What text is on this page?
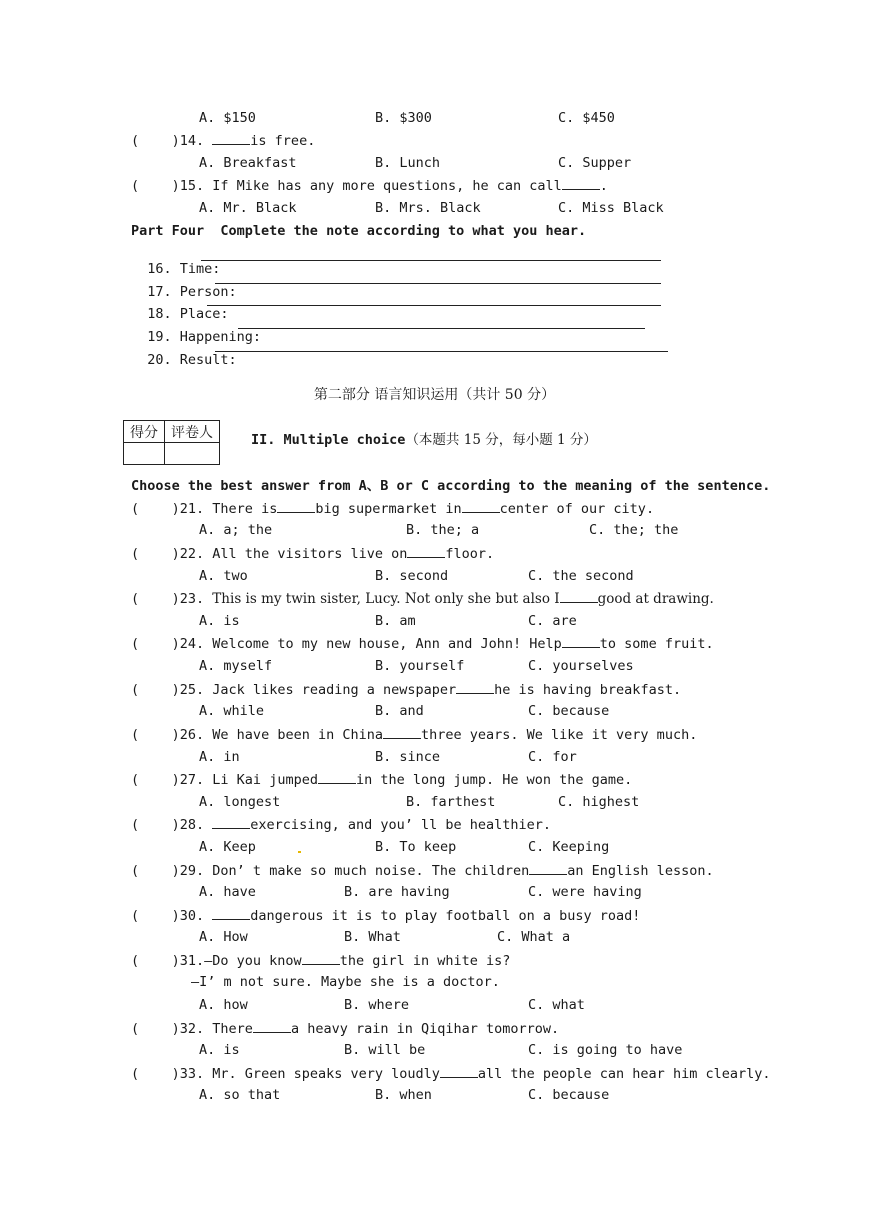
A. $150	B. $300	C. $450
(    )14.	is free.
A. Breakfast	B. Lunch	C. Supper
(    )15. If Mike has any more questions, he can call	.
A. Mr. Black	B. Mrs. Black	C. Miss Black
Part Four  Complete the note according to what you hear.

16. Time:

17. Person:

18. Place:

19. Happening:

20. Result:

第二部分 语言知识运用（共计 50 分）
得分	评卷人
		II. Multiple choice（本题共 15 分，每小题 1 分）
Choose the best answer from A、B or C according to the meaning of the sentence.
(    )21. There is	big supermarket in	center of our city.
A. a; the	B. the; a	C. the; the
(    )22. All the visitors live on	floor.
A. two	B. second	C. the second
(    )23. This is my twin sister, Lucy. Not only she but also I	good at drawing.
A. is	B. am	C. are
(    )24. Welcome to my new house, Ann and John! Help	to some fruit.
A. myself	B. yourself	C. yourselves
(    )25. Jack likes reading a newspaper	he is having breakfast.
A. while	B. and	C. because
(    )26. We have been in China	three years. We like it very much.
A. in	B. since	C. for
(    )27. Li Kai jumped	in the long jump. He won the game.
A. longest	B. farthest	C. highest
(    )28.	exercising, and you’ ll be healthier.
A. Keep	B. To keep	C. Keeping
(    )29. Don’ t make so much noise. The children	an English lesson.
A. have	B. are having	C. were having
(    )30.	dangerous it is to play football on a busy road!
A. How	B. What	C. What a
(    )31.—Do you know	the girl in white is?
—I’ m not sure. Maybe she is a doctor.
A. how	B. where	C. what
(    )32. There	a heavy rain in Qiqihar tomorrow.
A. is	B. will be	C. is going to have
(    )33. Mr. Green speaks very loudly	all the people can hear him clearly.
A. so that	B. when	C. because
